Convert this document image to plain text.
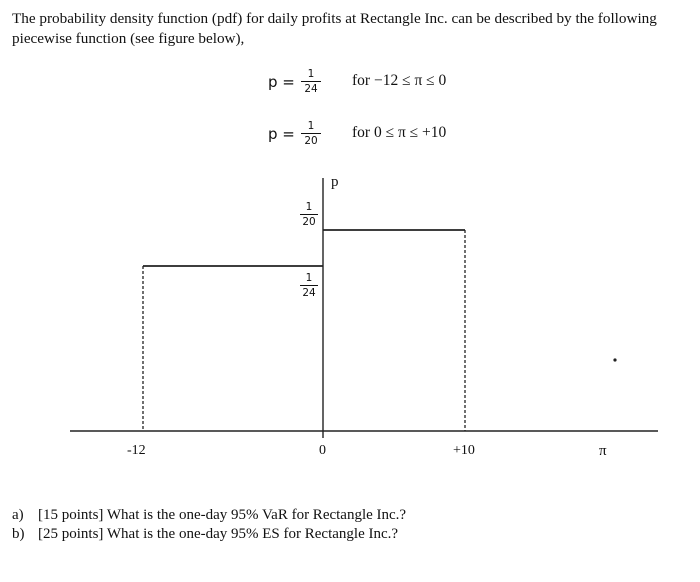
The probability density function (pdf) for daily profits at Rectangle Inc. can be described by the following piecewise function (see figure below),
p =	1
24 for −12 ≤ π ≤ 0
p =	1
20 for 0 ≤ π ≤ +10
p
1
20
1
24
-12	0	+10	π
a) [15 points] What is the one-day 95% VaR for Rectangle Inc.?
b) [25 points] What is the one-day 95% ES for Rectangle Inc.?
